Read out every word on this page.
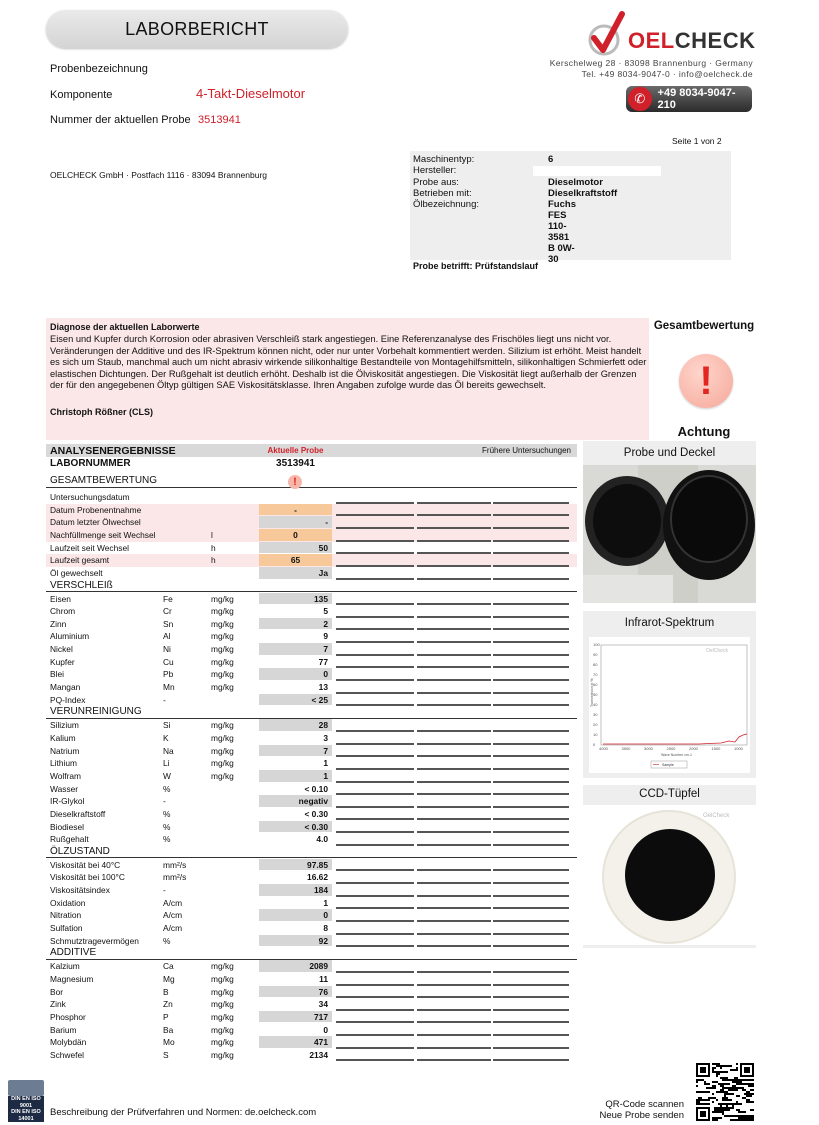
LABORBERICHT
Probenbezeichnung
Komponente	4-Takt-Dieselmotor
Nummer der aktuellen Probe 3513941
OELCHECK
Kerschelweg 28 · 83098 Brannenburg · Germany
Tel. +49 8034-9047-0 · info@oelcheck.de
✆	+49 8034-9047-210
Seite 1 von 2
OELCHECK GmbH · Postfach 1116 · 83094 Brannenburg
Maschinentyp:	6
Hersteller:
Probe aus:	Dieselmotor
Betrieben mit:	Dieselkraftstoff
Ölbezeichnung:	Fuchs FES 110-3581 B 0W-30
Probe betrifft: Prüfstandslauf
Diagnose der aktuellen Laborwerte
Eisen und Kupfer durch Korrosion oder abrasiven Verschleiß stark angestiegen. Eine Referenzanalyse des Frischöles liegt uns nicht vor. Veränderungen der Additive und des IR-Spektrum können nicht, oder nur unter Vorbehalt kommentiert werden. Silizium ist erhöht. Meist handelt es sich um Staub, manchmal auch um nicht abrasiv wirkende silikonhaltige Bestandteile von Montagehilfsmitteln, silikonhaltigen Schmierfett oder elastischen Dichtungen. Der Rußgehalt ist deutlich erhöht. Deshalb ist die Ölviskosität angestiegen. Die Viskosität liegt außerhalb der Grenzen der für den angegebenen Öltyp gültigen SAE Viskositätsklasse. Ihren Angaben zufolge wurde das Öl bereits gewechselt.
Christoph Rößner (CLS)
Gesamtbewertung
!
Achtung
ANALYSENERGEBNISSE	Aktuelle Probe	Frühere Untersuchungen
LABORNUMMER	3513941
GESAMTBEWERTUNG	!
Untersuchungsdatum
Datum Probenentnahme	-
Datum letzter Ölwechsel	-
Nachfüllmenge seit Wechsel	l	0
Laufzeit seit Wechsel	h	50
Laufzeit gesamt	h	65
Öl gewechselt	Ja
VERSCHLEIß
Eisen	Fe	mg/kg	135
Chrom	Cr	mg/kg	5
Zinn	Sn	mg/kg	2
Aluminium	Al	mg/kg	9
Nickel	Ni	mg/kg	7
Kupfer	Cu	mg/kg	77
Blei	Pb	mg/kg	0
Mangan	Mn	mg/kg	13
PQ-Index	-	< 25
VERUNREINIGUNG
Silizium	Si	mg/kg	28
Kalium	K	mg/kg	3
Natrium	Na	mg/kg	7
Lithium	Li	mg/kg	1
Wolfram	W	mg/kg	1
Wasser	%	< 0.10
IR-Glykol	-	negativ
Dieselkraftstoff	%	< 0.30
Biodiesel	%	< 0.30
Rußgehalt	%	4.0
ÖLZUSTAND
Viskosität bei 40°C	mm²/s	97.85
Viskosität bei 100°C	mm²/s	16.62
Viskositätsindex	-	184
Oxidation	A/cm	1
Nitration	A/cm	0
Sulfation	A/cm	8
Schmutztragevermögen	%	92
ADDITIVE
Kalzium	Ca	mg/kg	2089
Magnesium	Mg	mg/kg	11
Bor	B	mg/kg	76
Zink	Zn	mg/kg	34
Phosphor	P	mg/kg	717
Barium	Ba	mg/kg	0
Molybdän	Mo	mg/kg	471
Schwefel	S	mg/kg	2134
Probe und Deckel
Infrarot-Spektrum
100
90
80
70
60
50
40
30
20
10
0
4000	3500	3000	2500	2000	1500	1000
Transmission in %
Wave Number cm-1
OelCheck
Sample
CCD-Tüpfel
OelCheck
DIN EN ISO
9001
DIN EN ISO
14001
Beschreibung der Prüfverfahren und Normen: de.oelcheck.com
QR-Code scannen
Neue Probe senden
